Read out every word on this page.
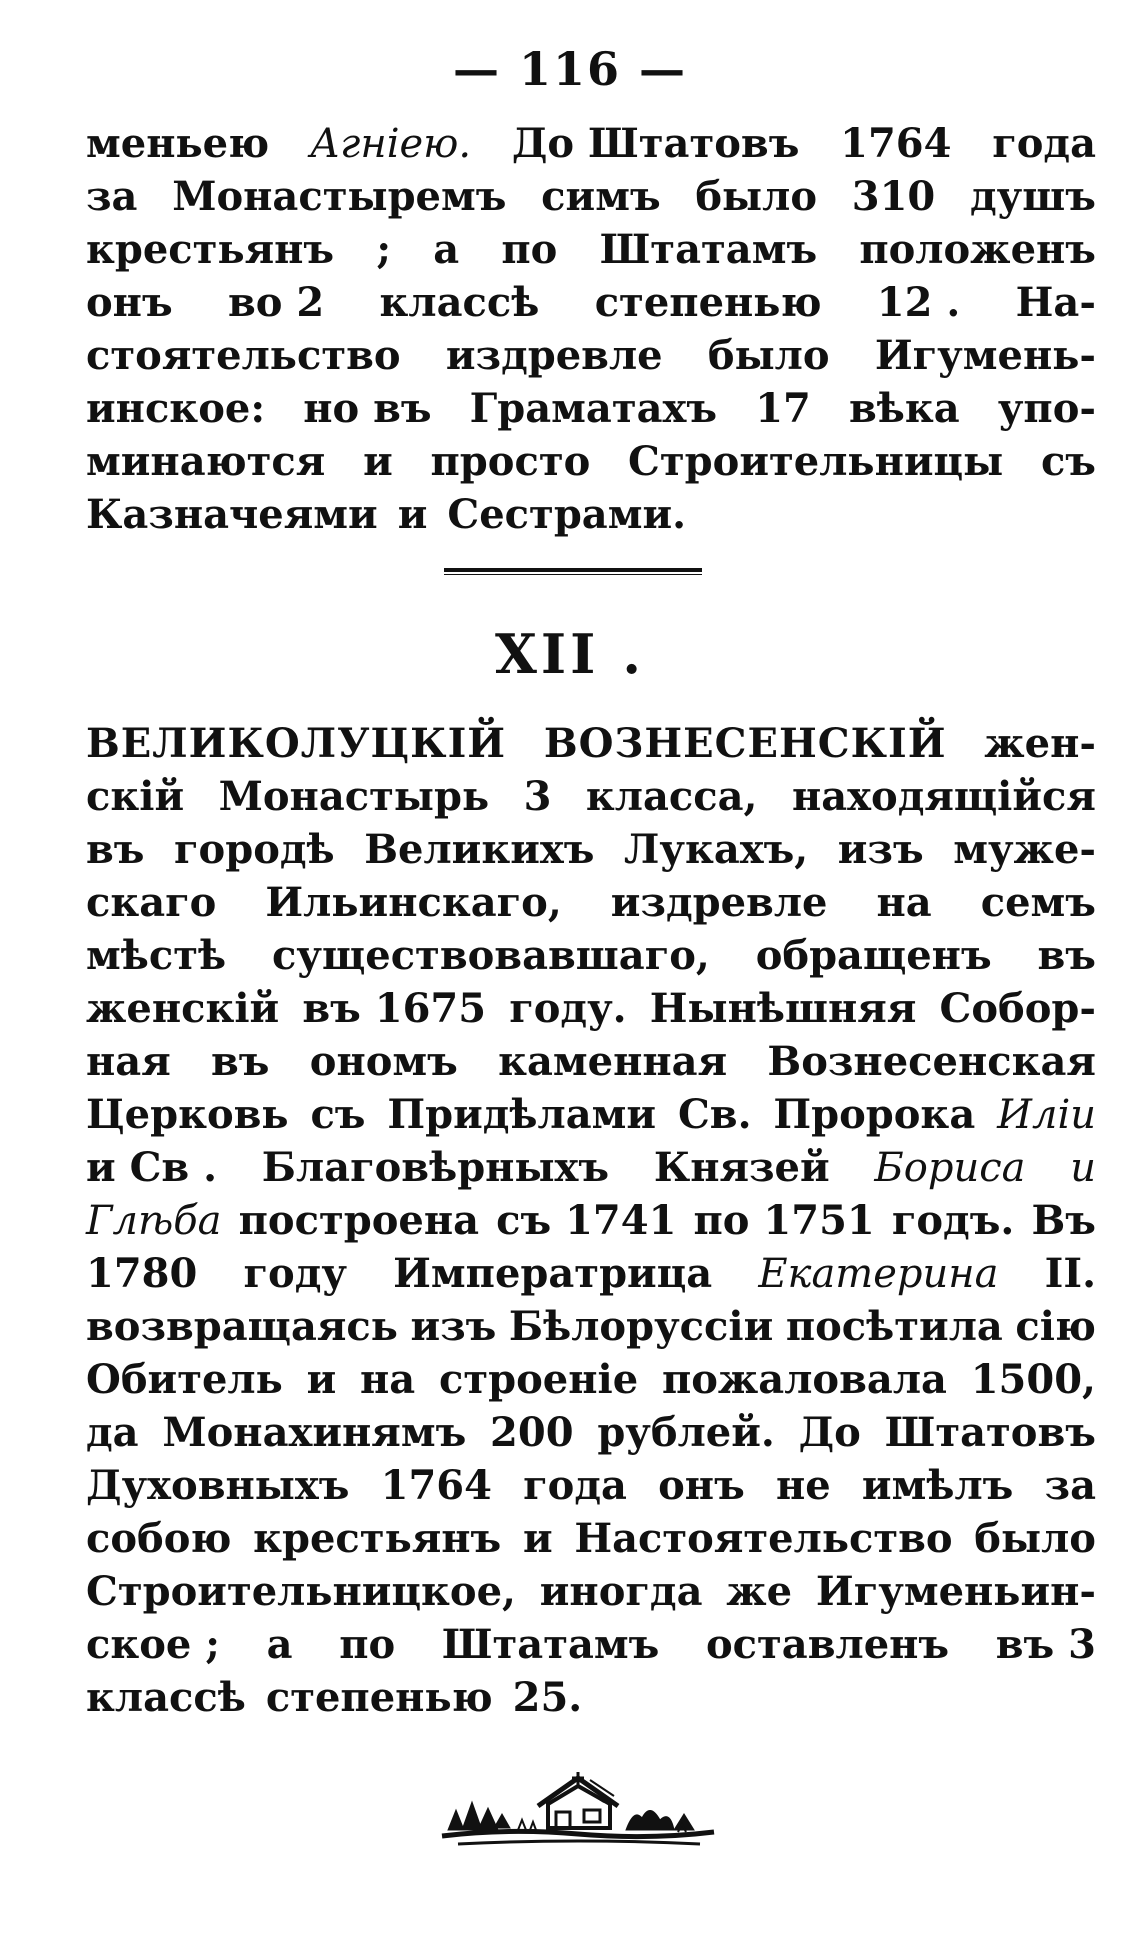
— 116 —
меньею Агнiею. До Штатовъ 1764 года
за Монастыремъ симъ было 310 душъ
крестьянъ ; а по Штатамъ положенъ
онъ во 2 классѣ степенью 12 . На-
стоятельство издревле было Игумень-
инское: но въ Граматахъ 17 вѣка упо-
минаются и просто Строительницы съ
Казначеями и Сестрами.
XII .
ВЕЛИКОЛУЦКIЙ ВОЗНЕСЕНСКIЙ жен-
скiй Монастырь 3 класса, находящiйся
въ городѣ Великихъ Лукахъ, изъ муже-
скаго Ильинскаго, издревле на семъ
мѣстѣ существовавшаго, обращенъ въ
женскiй въ 1675 году. Нынѣшняя Собор-
ная въ ономъ каменная Вознесенская
Церковь съ Придѣлами Св. Пророка Илiи
и Св . Благовѣрныхъ Князей Бориса и
Глѣба построена съ 1741 по 1751 годъ. Въ
1780 году Императрица Екатерина II.
возвращаясь изъ Бѣлоруссiи посѣтила сiю
Обитель и на строенiе пожаловала 1500,
да Монахинямъ 200 рублей. До Штатовъ
Духовныхъ 1764 года онъ не имѣлъ за
собою крестьянъ и Настоятельство было
Строительницкое, иногда же Игуменьин-
ское ; а по Штатамъ оставленъ въ 3
классѣ степенью 25.
